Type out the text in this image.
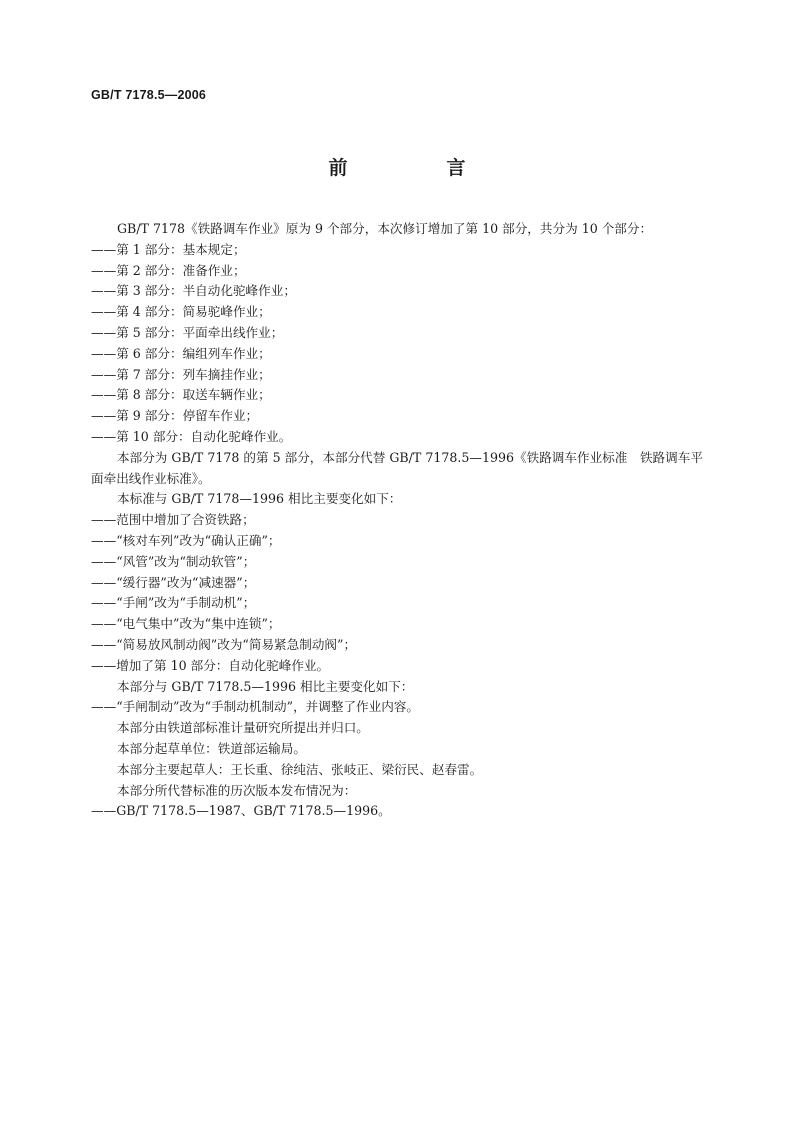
GB/T 7178.5—2006
前　言

GB/T 7178《铁路调车作业》原为 9 个部分，本次修订增加了第 10 部分，共分为 10 个部分：

——第 1 部分：基本规定；

——第 2 部分：准备作业；

——第 3 部分：半自动化驼峰作业；

——第 4 部分：简易驼峰作业；

——第 5 部分：平面牵出线作业；

——第 6 部分：编组列车作业；

——第 7 部分：列车摘挂作业；

——第 8 部分：取送车辆作业；

——第 9 部分：停留车作业；

——第 10 部分：自动化驼峰作业。

本部分为 GB/T 7178 的第 5 部分，本部分代替 GB/T 7178.5—1996《铁路调车作业标准　铁路调车平面牵出线作业标准》。

本标准与 GB/T 7178—1996 相比主要变化如下：

——范围中增加了合资铁路；

——“核对车列”改为“确认正确”；

——“风管”改为“制动软管”；

——“缓行器”改为“减速器”；

——“手闸”改为“手制动机”；

——“电气集中”改为“集中连锁”；

——“简易放风制动阀”改为“简易紧急制动阀”；

——增加了第 10 部分：自动化驼峰作业。

本部分与 GB/T 7178.5—1996 相比主要变化如下：

——“手闸制动”改为“手制动机制动”，并调整了作业内容。

本部分由铁道部标准计量研究所提出并归口。

本部分起草单位：铁道部运输局。

本部分主要起草人：王长重、徐纯洁、张岐正、梁衍民、赵春雷。

本部分所代替标准的历次版本发布情况为：

——GB/T 7178.5—1987、GB/T 7178.5—1996。
